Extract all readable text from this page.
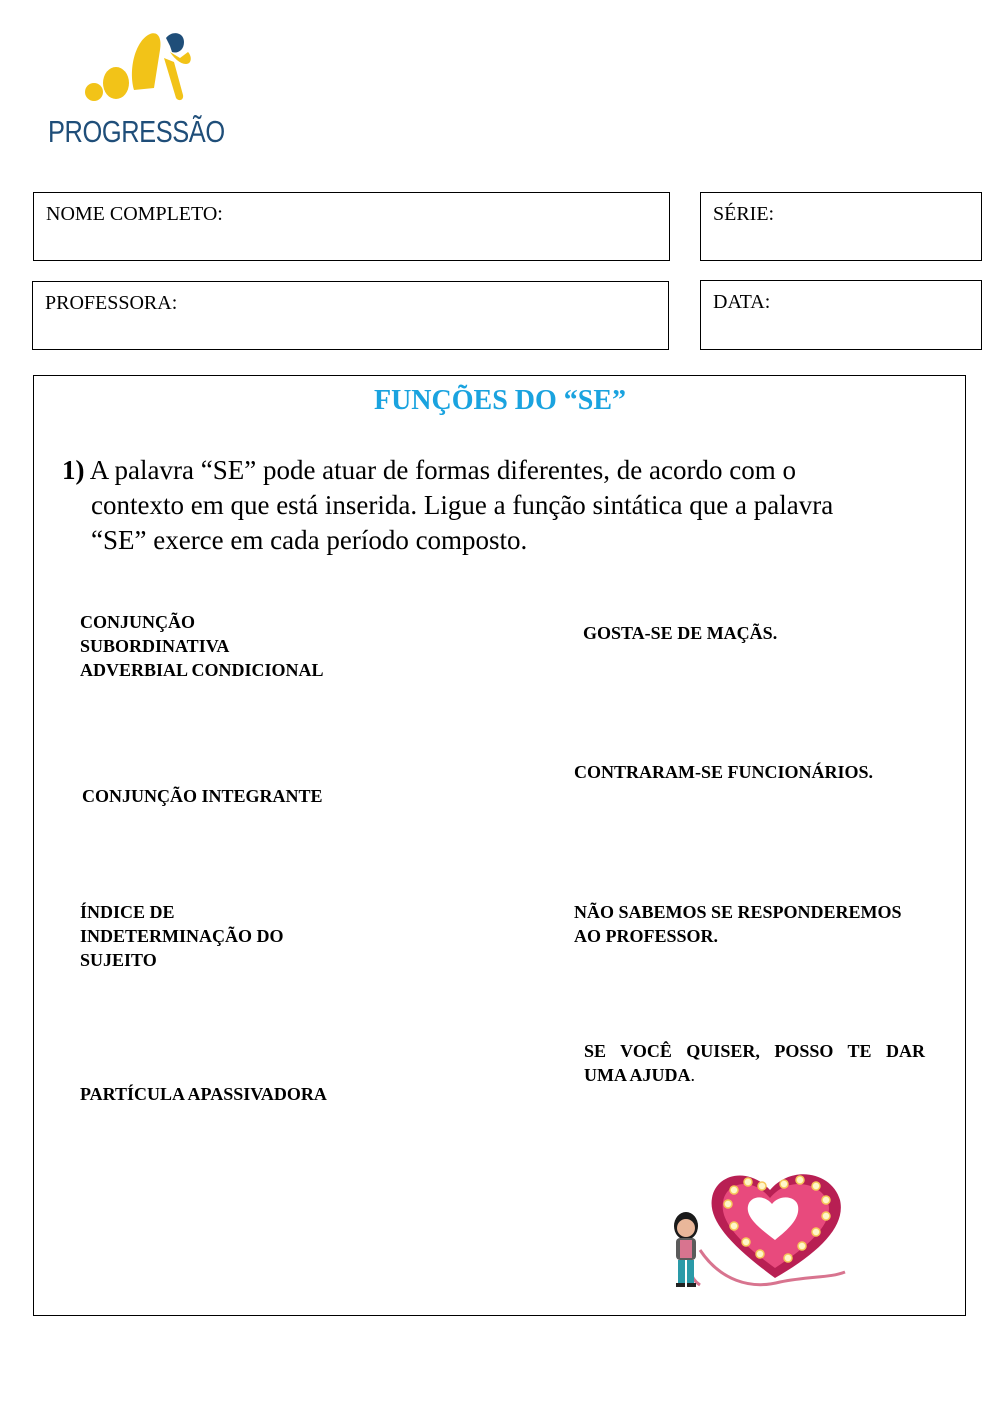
PROGRESSÃO
NOME COMPLETO:	SÉRIE:
PROFESSORA:	DATA:
FUNÇÕES DO “SE”
1) A palavra “SE” pode atuar de formas diferentes, de acordo com o
contexto em que está inserida. Ligue a função sintática que a palavra
“SE” exerce em cada período composto.
CONJUNÇÃO
SUBORDINATIVA
ADVERBIAL CONDICIONAL
CONJUNÇÃO INTEGRANTE
ÍNDICE DE
INDETERMINAÇÃO DO
SUJEITO
PARTÍCULA APASSIVADORA
GOSTA-SE DE MAÇÃS.
CONTRARAM-SE FUNCIONÁRIOS.
NÃO SABEMOS SE RESPONDEREMOS
AO PROFESSOR.
SE VOCÊ QUISER, POSSO TE DAR
UMA AJUDA.
